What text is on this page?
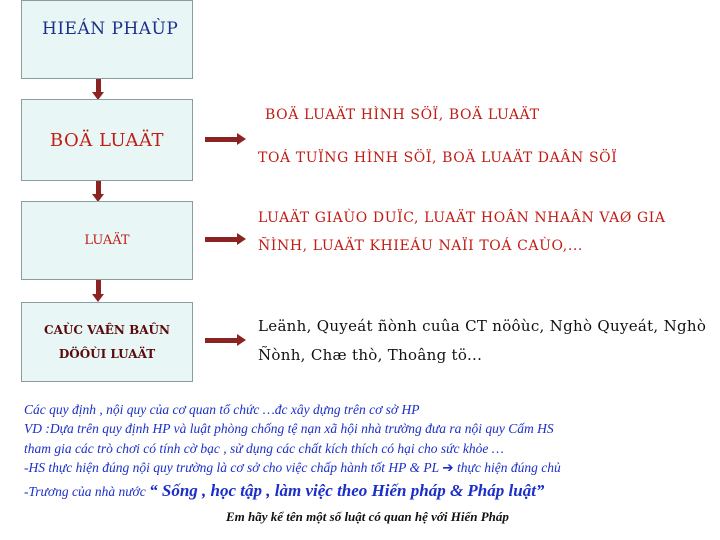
HIEÁN PHAÙP
BOÄ LUAÄT
LUAÄT
CAÙC VAÊN BAÛN
DÖÔÙI LUAÄT
BOÄ LUAÄT HÌNH SÖÏ, BOÄ LUAÄT
TOÁ TUÏNG HÌNH SÖÏ, BOÄ LUAÄT DAÂN SÖÏ
LUAÄT GIAÙO DUÏC, LUAÄT HOÂN NHAÂN VAØ GIA
ÑÌNH, LUAÄT KHIEÁU NAÏI TOÁ CAÙO,...
Leänh, Quyeát ñònh cuûa CT nöôùc, Nghò Quyeát, Nghò
Ñònh, Chæ thò, Thoâng tö...
Các quy định , nội quy của cơ quan tổ chức …đc xây dựng trên cơ sở HP
VD :Dựa trên quy định HP và luật phòng chống tệ nạn xã hội nhà trường đưa ra nội quy Cấm HS
tham gia các trò chơi có tính cờ bạc , sử dụng các chất kích thích có hại cho sức khỏe …
-HS thực hiện đúng nội quy trường là cơ sở cho việc chấp hành tốt HP & PL ➔ thực hiện đúng chủ
-Trương của nhà nước “ Sống , học tập , làm việc theo Hiến pháp & Pháp luật”
Em hãy kể tên một số luật có quan hệ với Hiến Pháp
